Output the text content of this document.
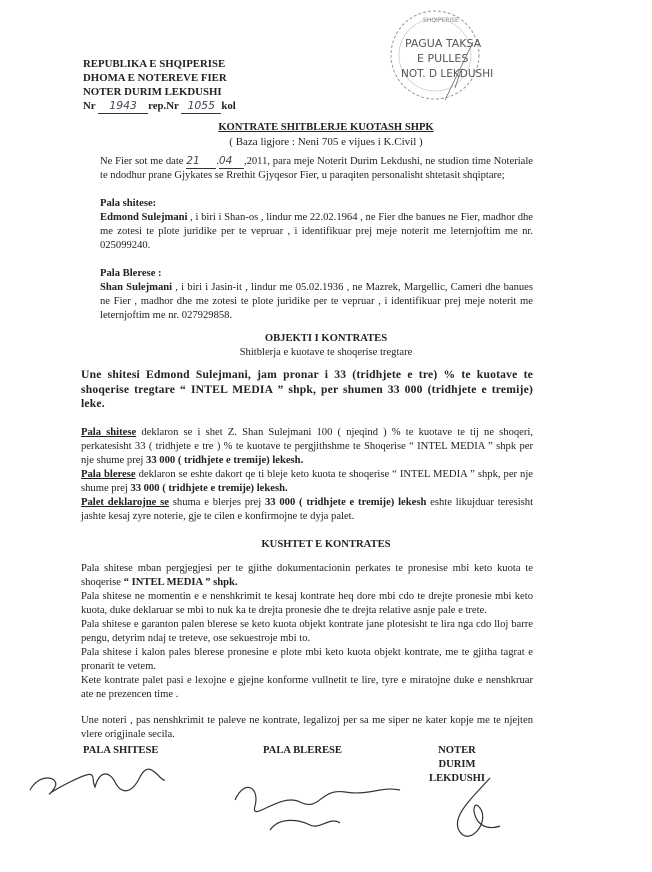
SHQIPERISE
PAGUA TAKSA
E PULLES
NOT. D LEKDUSHI
REPUBLIKA E SHQIPERISE
DHOMA E NOTEREVE FIER
NOTER DURIM LEKDUSHI
Nr 1943 rep.Nr 1055 kol
KONTRATE SHITBLERJE KUOTASH SHPK
( Baza ligjore : Neni 705 e vijues i K.Civil )
Ne Fier sot me date 21 .04 ,2011, para meje Noterit Durim Lekdushi, ne studion time Noteriale te ndodhur prane Gjykates se Rrethit Gjyqesor Fier, u paraqiten personalisht shtetasit shqiptare;
Pala shitese:
Edmond Sulejmani , i biri i Shan-os , lindur me 22.02.1964 , ne Fier dhe banues ne Fier, madhor dhe me zotesi te plote juridike per te vepruar , i identifikuar prej meje noterit me leternjoftim me nr. 025099240.
Pala Blerese :
Shan Sulejmani , i biri i Jasin-it , lindur me 05.02.1936 , ne Mazrek, Margellic, Cameri dhe banues ne Fier , madhor dhe me zotesi te plote juridike per te vepruar , i identifikuar prej meje noterit me leternjoftim me nr. 027929858.
OBJEKTI I KONTRATES
Shitblerja e kuotave te shoqerise tregtare
Une shitesi Edmond Sulejmani, jam pronar i 33 (tridhjete e tre) % te kuotave te shoqerise tregtare “ INTEL MEDIA ” shpk, per shumen 33 000 (tridhjete e tremije) leke.
Pala shitese deklaron se i shet Z. Shan Sulejmani 100 ( njeqind ) % te kuotave te tij ne shoqeri, perkatesisht 33 ( tridhjete e tre ) % te kuotave te pergjithshme te Shoqerise “ INTEL MEDIA ” shpk per nje shume prej 33 000 ( tridhjete e tremije) lekesh.
Pala blerese deklaron se eshte dakort qe ti bleje keto kuota te shoqerise “ INTEL MEDIA ” shpk, per nje shume prej 33 000 ( tridhjete e tremije) lekesh.
Palet deklarojne se shuma e blerjes prej 33 000 ( tridhjete e tremije) lekesh eshte likujduar teresisht jashte kesaj zyre noterie, gje te cilen e konfirmojne te dyja palet.
KUSHTET E KONTRATES
Pala shitese mban pergjegjesi per te gjithe dokumentacionin perkates te pronesise mbi keto kuota te shoqerise “ INTEL MEDIA ” shpk.
Pala shitese ne momentin e e nenshkrimit te kesaj kontrate heq dore mbi cdo te drejte pronesie mbi keto kuota, duke deklaruar se mbi to nuk ka te drejta pronesie dhe te drejta relative asnje pale e trete.
Pala shitese e garanton palen blerese se keto kuota objekt kontrate jane plotesisht te lira nga cdo lloj barre pengu, detyrim ndaj te treteve, ose sekuestroje mbi to.
Pala shitese i kalon pales blerese pronesine e plote mbi keto kuota objekt kontrate, me te gjitha tagrat e pronarit te vetem.
Kete kontrate palet pasi e lexojne e gjejne konforme vullnetit te lire, tyre e miratojne duke e nenshkruar ate ne prezencen time .
Une noteri , pas nenshkrimit te paleve ne kontrate, legalizoj per sa me siper ne kater kopje me te njejten vlere origjinale secila.
PALA SHITESE	PALA BLERESE	NOTER
DURIM LEKDUSHI
